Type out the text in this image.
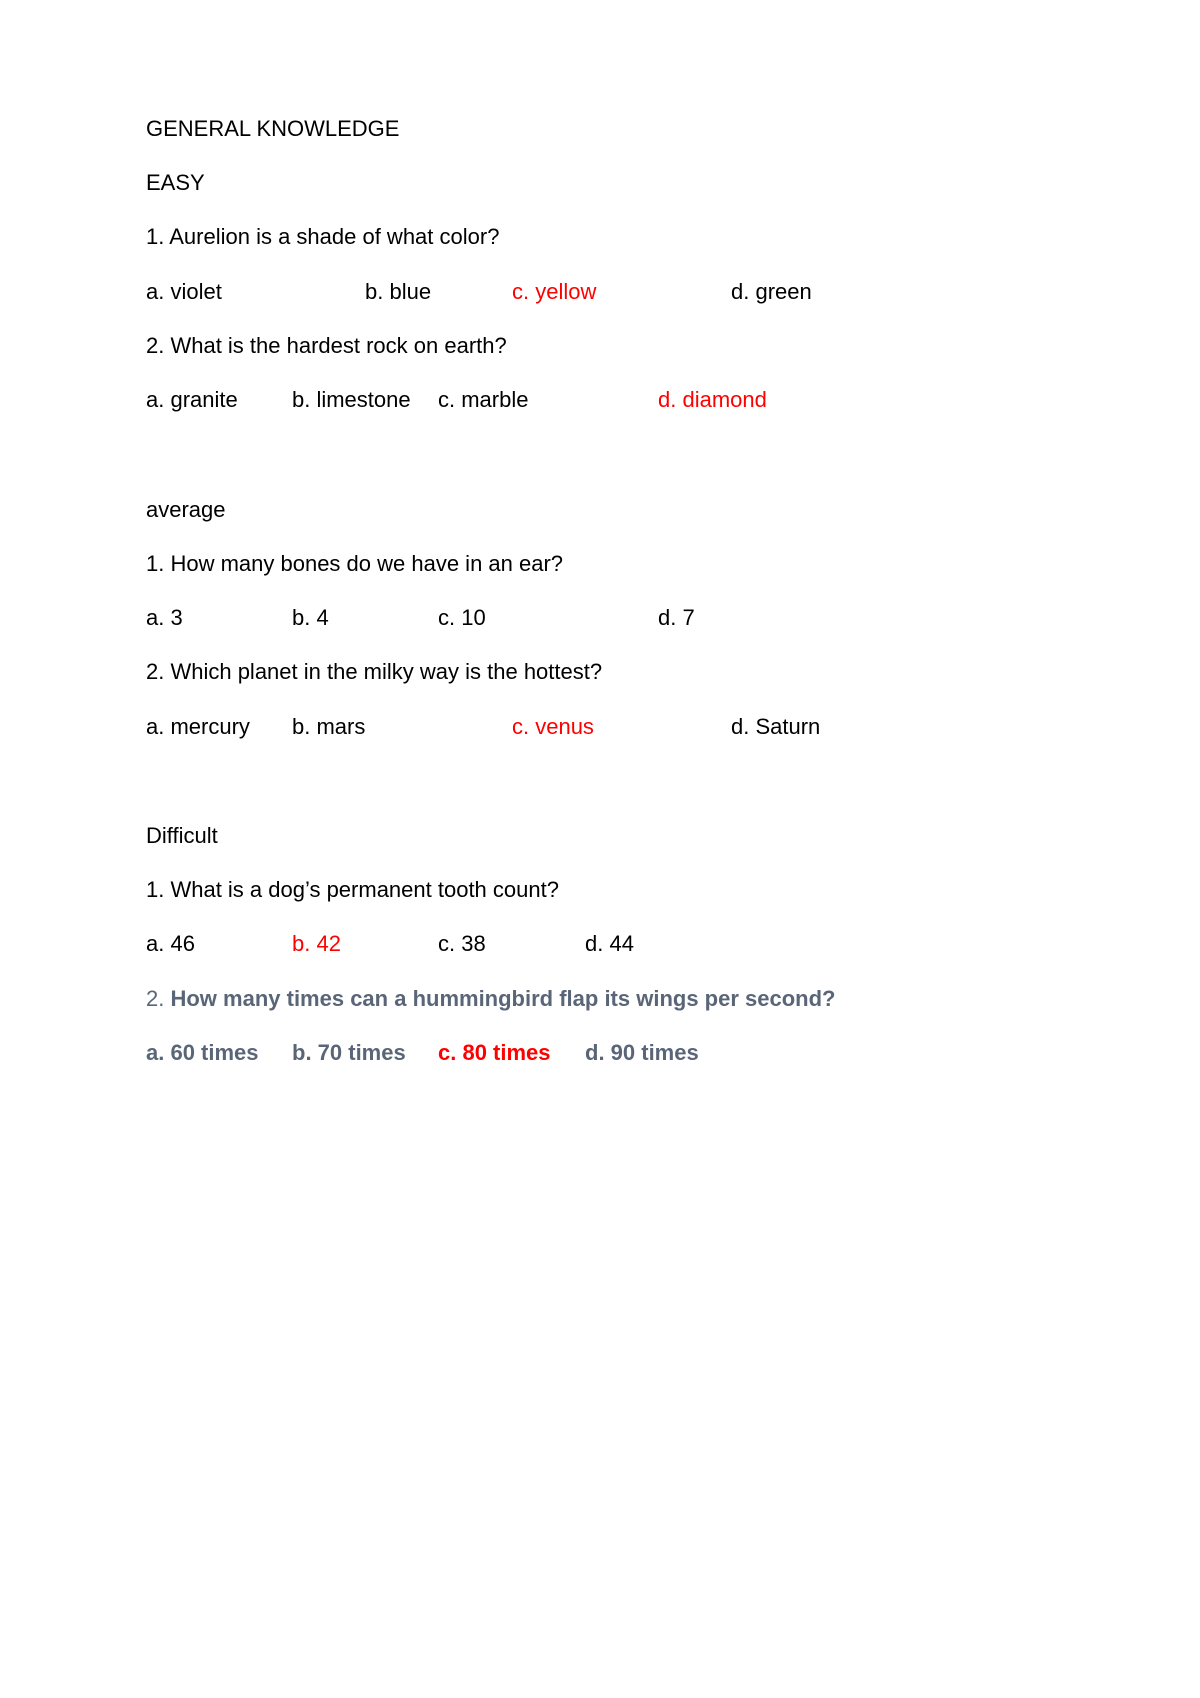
GENERAL KNOWLEDGE
EASY
1. Aurelion is a shade of what color?
a. violet	b. blue	c. yellow	d. green
2. What is the hardest rock on earth?
a. granite b. limestone c. marble	d. diamond
average
1. How many bones do we have in an ear?
a. 3	b. 4	c. 10	d. 7
2. Which planet in the milky way is the hottest?
a. mercury b. mars	c. venus	d. Saturn
Difficult
1. What is a dog’s permanent tooth count?
a. 46	b. 42	c. 38	d. 44
2. How many times can a hummingbird flap its wings per second?
a. 60 times b. 70 times c. 80 times d. 90 times
